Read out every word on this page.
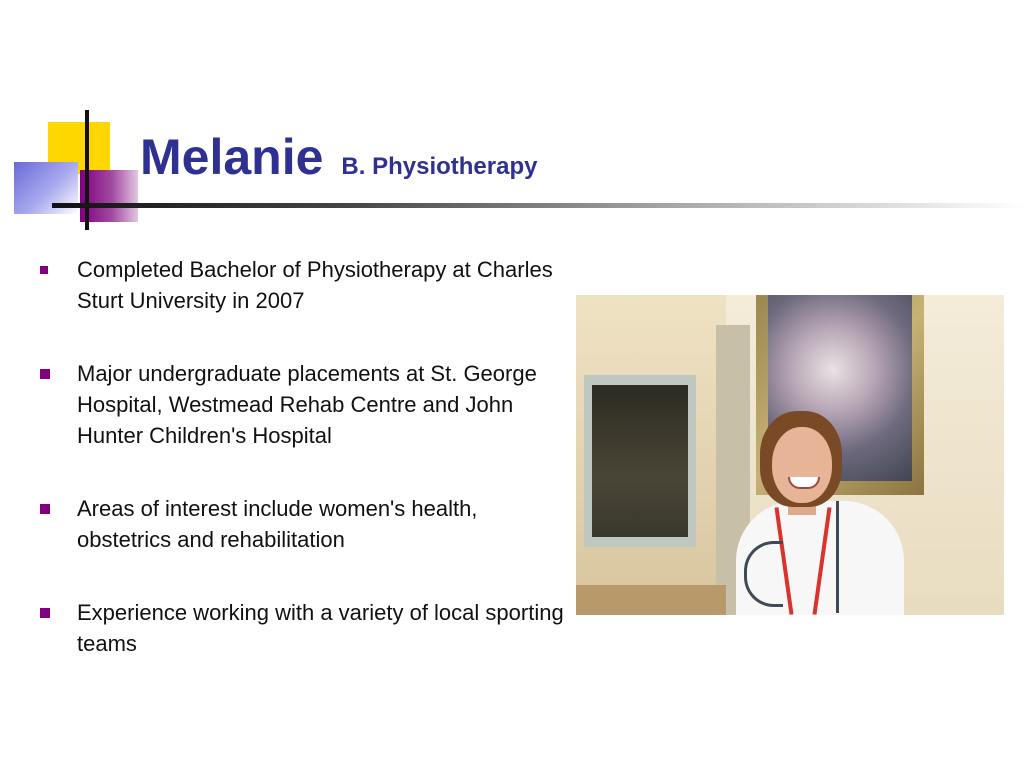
Melanie B. Physiotherapy
Completed Bachelor of Physiotherapy at Charles Sturt University in 2007
Major undergraduate placements at St. George Hospital, Westmead Rehab Centre and John Hunter Children's Hospital
Areas of interest include women's health, obstetrics and rehabilitation
Experience working with a variety of local sporting teams
